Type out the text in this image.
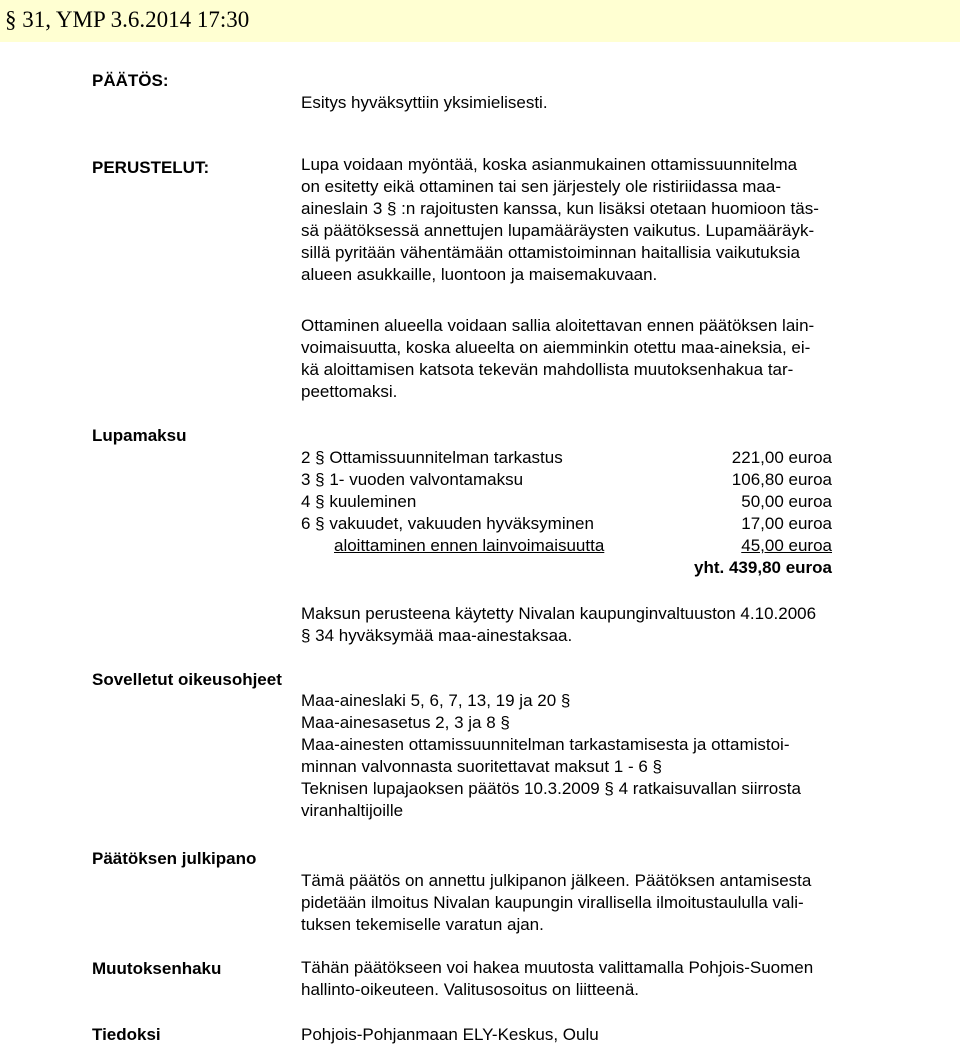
§ 31, YMP 3.6.2014 17:30
PÄÄTÖS:
Esitys hyväksyttiin yksimielisesti.
PERUSTELUT:	Lupa voidaan myöntää, koska asianmukainen ottamissuunnitelma
on esitetty eikä ottaminen tai sen järjestely ole ristiriidassa maa-
aineslain 3 § :n rajoitusten kanssa, kun lisäksi otetaan huomioon täs-
sä päätöksessä annettujen lupamääräysten vaikutus. Lupamääräyk-
sillä pyritään vähentämään ottamistoiminnan haitallisia vaikutuksia
alueen asukkaille, luontoon ja maisemakuvaan.
Ottaminen alueella voidaan sallia aloitettavan ennen päätöksen lain-
voimaisuutta, koska alueelta on aiemminkin otettu maa-aineksia, ei-
kä aloittamisen katsota tekevän mahdollista muutoksenhakua tar-
peettomaksi.
Lupamaksu
2 § Ottamissuunnitelman tarkastus	221,00 euroa
3 § 1- vuoden valvontamaksu	106,80 euroa
4 § kuuleminen	50,00 euroa
6 § vakuudet, vakuuden hyväksyminen	17,00 euroa
aloittaminen ennen lainvoimaisuutta	45,00 euroa
yht. 439,80 euroa
Maksun perusteena käytetty Nivalan kaupunginvaltuuston 4.10.2006
§ 34 hyväksymää maa-ainestaksaa.
Sovelletut oikeusohjeet
Maa-aineslaki 5, 6, 7, 13, 19 ja 20 §
Maa-ainesasetus 2, 3 ja 8 §
Maa-ainesten ottamissuunnitelman tarkastamisesta ja ottamistoi-
minnan valvonnasta suoritettavat maksut 1 - 6 §
Teknisen lupajaoksen päätös 10.3.2009 § 4 ratkaisuvallan siirrosta
viranhaltijoille
Päätöksen julkipano
Tämä päätös on annettu julkipanon jälkeen. Päätöksen antamisesta
pidetään ilmoitus Nivalan kaupungin virallisella ilmoitustaululla vali-
tuksen tekemiselle varatun ajan.
Muutoksenhaku	Tähän päätökseen voi hakea muutosta valittamalla Pohjois-Suomen
hallinto-oikeuteen. Valitusosoitus on liitteenä.
Tiedoksi	Pohjois-Pohjanmaan ELY-Keskus, Oulu
